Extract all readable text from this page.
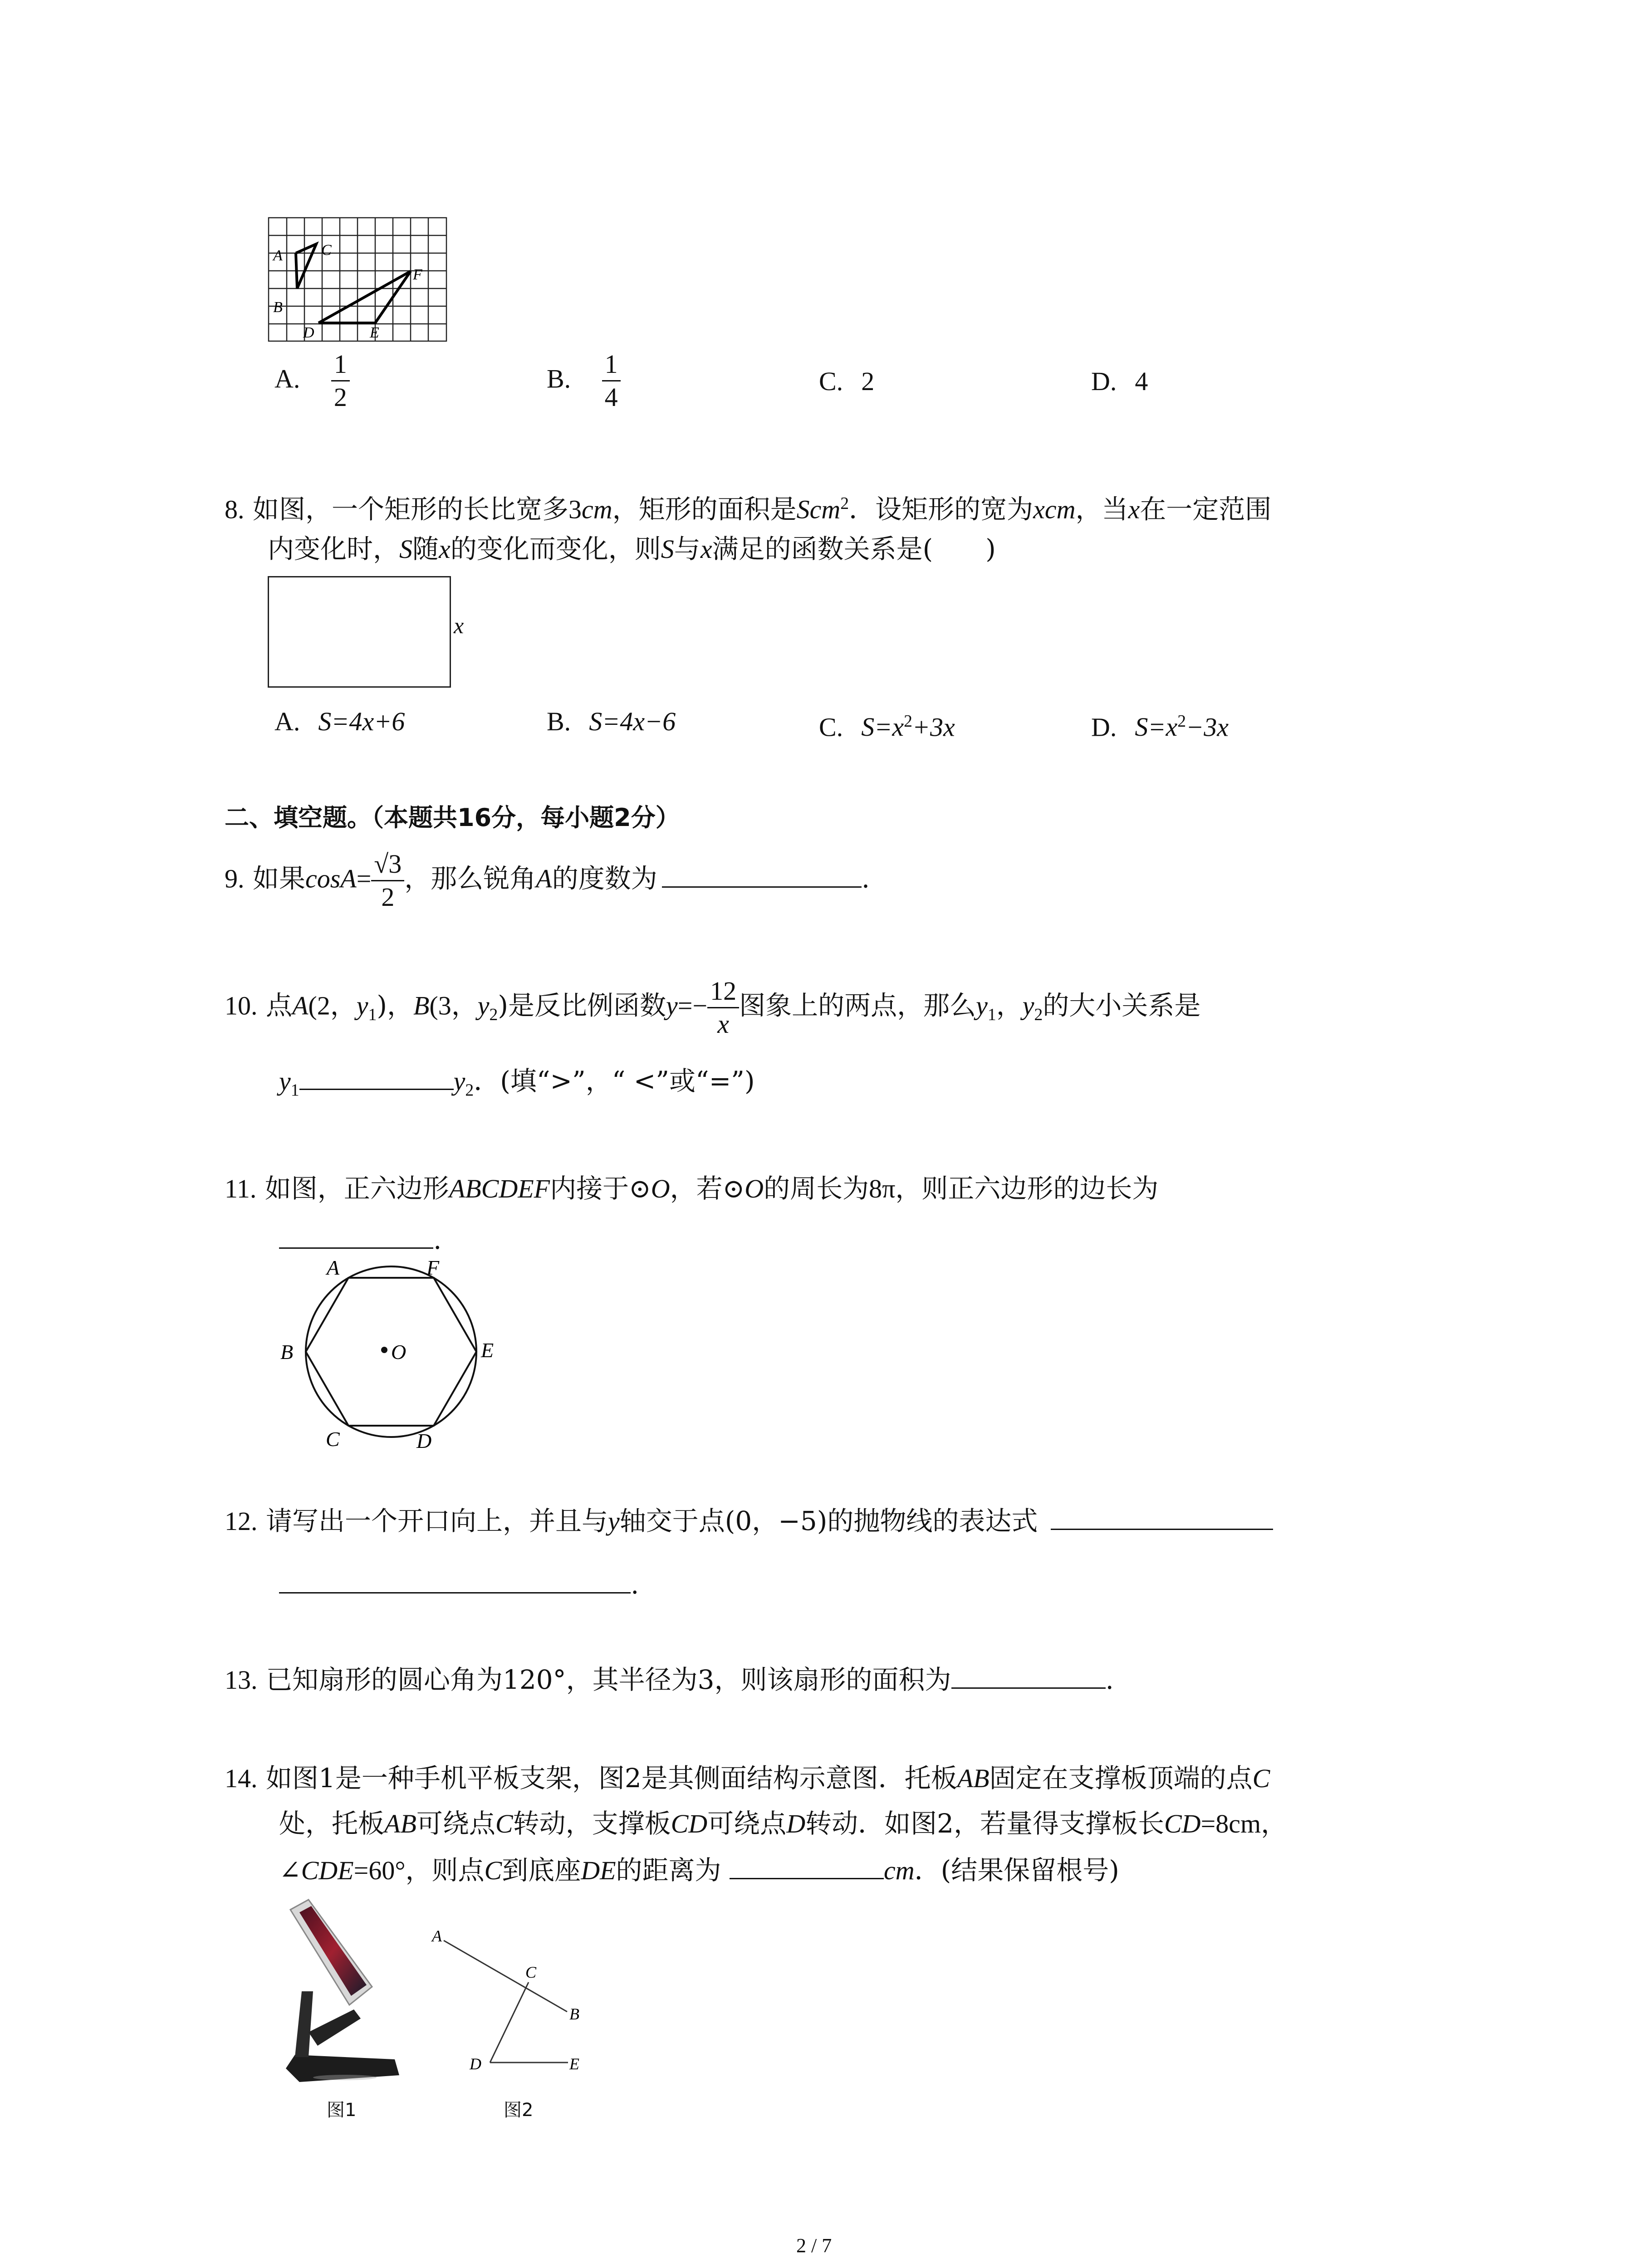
A	C
B
D	E
F
A. $\frac{1}{2}$	B. $\frac{1}{4}$	C. 2	D. 4
8. 如图，一个矩形的长比宽多3cm，矩形的面积是Scm$^2$．设矩形的宽为xcm，当x在一定范围
内变化时，S随x的变化而变化，则S与x满足的函数关系是(　　)
x
A. S=4x+6	B. S=4x−6	C. $S=x^2+3x$	D. $S=x^2-3x$
二、填空题。（本题共16分，每小题2分）
9. 如果$\cos A= \frac{√3}{2}$ ，那么锐角A的度数为	.
10. 点A(2，$y_1$)，B(3，$y_2$)是反比例函数$y=- \frac{12}{x}$ 图象上的两点，那么$y_1$，$y_2$的大小关系是
$y_1$	$y_2$．(填“>”，“ <”或“=”)
11. 如图，正六边形ABCDEF内接于⊙O，若⊙O的周长为8π，则正六边形的边长为
.
A	F
B	O	E
C	D
12. 请写出一个开口向上，并且与y轴交于点(0，−5)的抛物线的表达式
.
13. 已知扇形的圆心角为120°，其半径为3，则该扇形的面积为	.
14. 如图1是一种手机平板支架，图2是其侧面结构示意图．托板AB固定在支撑板顶端的点C
处，托板AB可绕点C转动，支撑板CD可绕点D转动．如图2，若量得支撑板长CD=8cm，
∠CDE=60°，则点C到底座DE的距离为	cm．(结果保留根号)
图1
A
C
B
D	E
图2
2 / 7
